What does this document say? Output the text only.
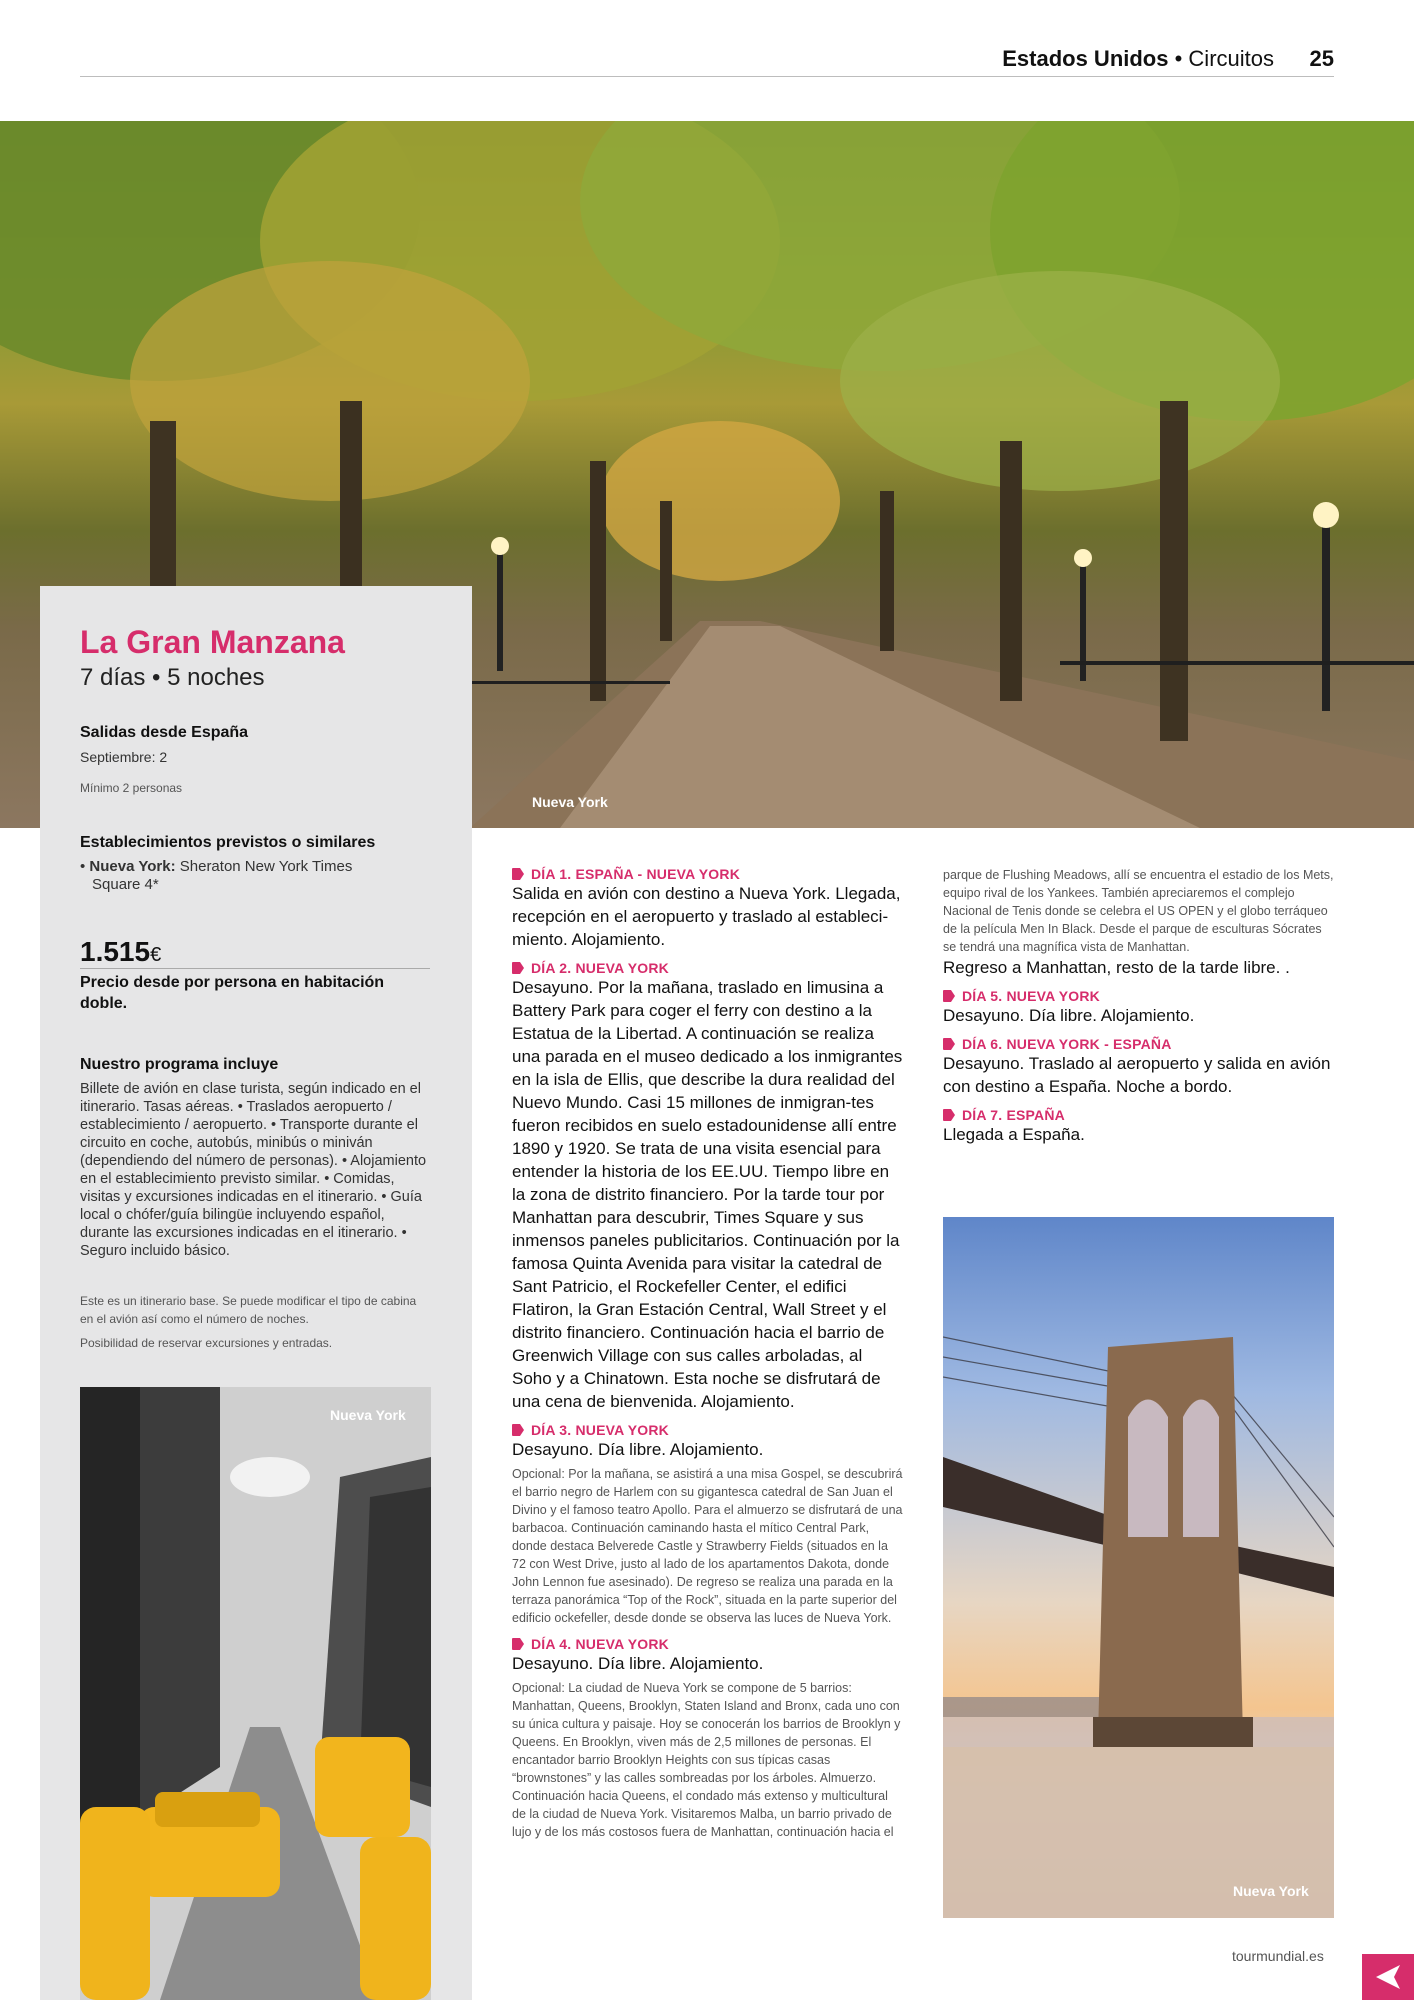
Estados Unidos • Circuitos 25
Nueva York
La Gran Manzana
7 días • 5 noches
Salidas desde España
Septiembre: 2
Mínimo 2 personas
Establecimientos previstos o similares
• Nueva York: Sheraton New York Times
Square 4*
1.515€
Precio desde por persona en habitación doble.
Nuestro programa incluye
Billete de avión en clase turista, según indicado en el itinerario. Tasas aéreas. • Traslados aeropuerto / establecimiento / aeropuerto. • Transporte durante el circuito en coche, autobús, minibús o miniván (dependiendo del número de personas). • Alojamiento en el establecimiento previsto similar. • Comidas, visitas y excursiones indicadas en el itinerario. • Guía local o chófer/guía bilingüe incluyendo español, durante las excursiones indicadas en el itinerario. • Seguro incluido básico.
Este es un itinerario base. Se puede modificar el tipo de cabina en el avión así como el número de noches.
Posibilidad de reservar excursiones y entradas.
Nueva York
DÍA 1. ESPAÑA - NUEVA YORK
Salida en avión con destino a Nueva York. Llegada, recepción en el aeropuerto y traslado al estableci-miento. Alojamiento.
DÍA 2. NUEVA YORK
Desayuno. Por la mañana, traslado en limusina a Battery Park para coger el ferry con destino a la Estatua de la Libertad. A continuación se realiza una parada en el museo dedicado a los inmigrantes en la isla de Ellis, que describe la dura realidad del Nuevo Mundo. Casi 15 millones de inmigran-tes fueron recibidos en suelo estadounidense allí entre 1890 y 1920. Se trata de una visita esencial para entender la historia de los EE.UU. Tiempo libre en la zona de distrito financiero. Por la tarde tour por Manhattan para descubrir, Times Square y sus inmensos paneles publicitarios. Continuación por la famosa Quinta Avenida para visitar la catedral de Sant Patricio, el Rockefeller Center, el edifici Flatiron, la Gran Estación Central, Wall Street y el distrito financiero. Continuación hacia el barrio de Greenwich Village con sus calles arboladas, al Soho y a Chinatown. Esta noche se disfrutará de una cena de bienvenida. Alojamiento.
DÍA 3. NUEVA YORK
Desayuno. Día libre. Alojamiento.
Opcional: Por la mañana, se asistirá a una misa Gospel, se descubrirá el barrio negro de Harlem con su gigantesca catedral de San Juan el Divino y el famoso teatro Apollo. Para el almuerzo se disfrutará de una barbacoa. Continuación caminando hasta el mítico Central Park, donde destaca Belverede Castle y Strawberry Fields (situados en la 72 con West Drive, justo al lado de los apartamentos Dakota, donde John Lennon fue asesinado). De regreso se realiza una parada en la terraza panorámica “Top of the Rock”, situada en la parte superior del edificio ockefeller, desde donde se observa las luces de Nueva York.
DÍA 4. NUEVA YORK
Desayuno. Día libre. Alojamiento.
Opcional: La ciudad de Nueva York se compone de 5 barrios: Manhattan, Queens, Brooklyn, Staten Island and Bronx, cada uno con su única cultura y paisaje. Hoy se conocerán los barrios de Brooklyn y Queens. En Brooklyn, viven más de 2,5 millones de personas. El encantador barrio Brooklyn Heights con sus típicas casas “brownstones” y las calles sombreadas por los árboles. Almuerzo. Continuación hacia Queens, el condado más extenso y multicultural de la ciudad de Nueva York. Visitaremos Malba, un barrio privado de lujo y de los más costosos fuera de Manhattan, continuación hacia el
parque de Flushing Meadows, allí se encuentra el estadio de los Mets, equipo rival de los Yankees. También apreciaremos el complejo Nacional de Tenis donde se celebra el US OPEN y el globo terráqueo de la película Men In Black. Desde el parque de esculturas Sócrates se tendrá una magnífica vista de Manhattan.
Regreso a Manhattan, resto de la tarde libre. .
DÍA 5. NUEVA YORK
Desayuno. Día libre. Alojamiento.
DÍA 6. NUEVA YORK - ESPAÑA
Desayuno. Traslado al aeropuerto y salida en avión con destino a España. Noche a bordo.
DÍA 7. ESPAÑA
Llegada a España.
Nueva York
tourmundial.es
